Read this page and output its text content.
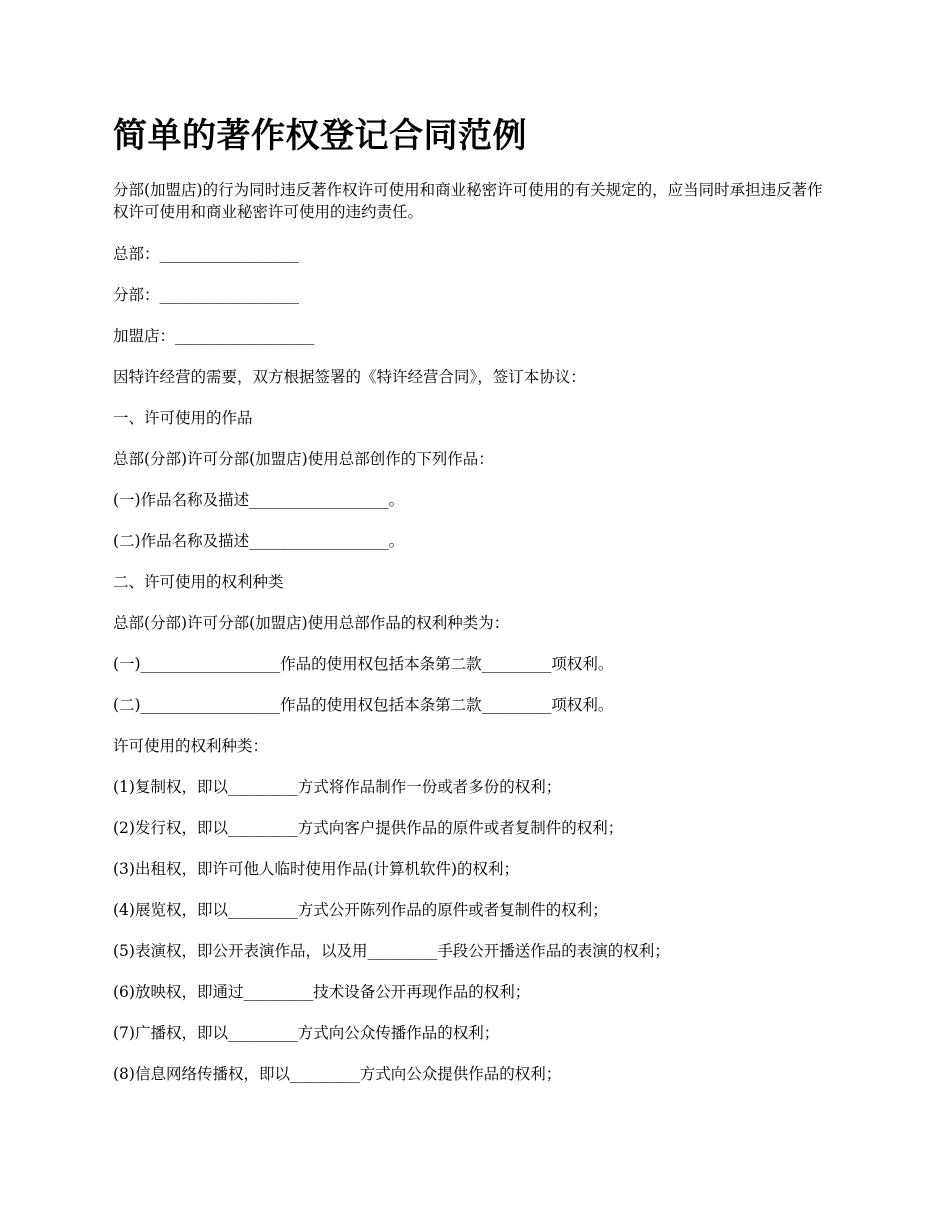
简单的著作权登记合同范例

分部(加盟店)的行为同时违反著作权许可使用和商业秘密许可使用的有关规定的，应当同时承担违反著作权许可使用和商业秘密许可使用的违约责任。

总部：__________________

分部：__________________

加盟店：__________________

因特许经营的需要，双方根据签署的《特许经营合同》，签订本协议：

一、许可使用的作品

总部(分部)许可分部(加盟店)使用总部创作的下列作品：

(一)作品名称及描述__________________。

(二)作品名称及描述__________________。

二、许可使用的权利种类

总部(分部)许可分部(加盟店)使用总部作品的权利种类为：

(一)__________________作品的使用权包括本条第二款_________项权利。

(二)__________________作品的使用权包括本条第二款_________项权利。

许可使用的权利种类：

(1)复制权，即以_________方式将作品制作一份或者多份的权利；

(2)发行权，即以_________方式向客户提供作品的原件或者复制件的权利；

(3)出租权，即许可他人临时使用作品(计算机软件)的权利；

(4)展览权，即以_________方式公开陈列作品的原件或者复制件的权利；

(5)表演权，即公开表演作品，以及用_________手段公开播送作品的表演的权利；

(6)放映权，即通过_________技术设备公开再现作品的权利；

(7)广播权，即以_________方式向公众传播作品的权利；

(8)信息网络传播权，即以_________方式向公众提供作品的权利；
